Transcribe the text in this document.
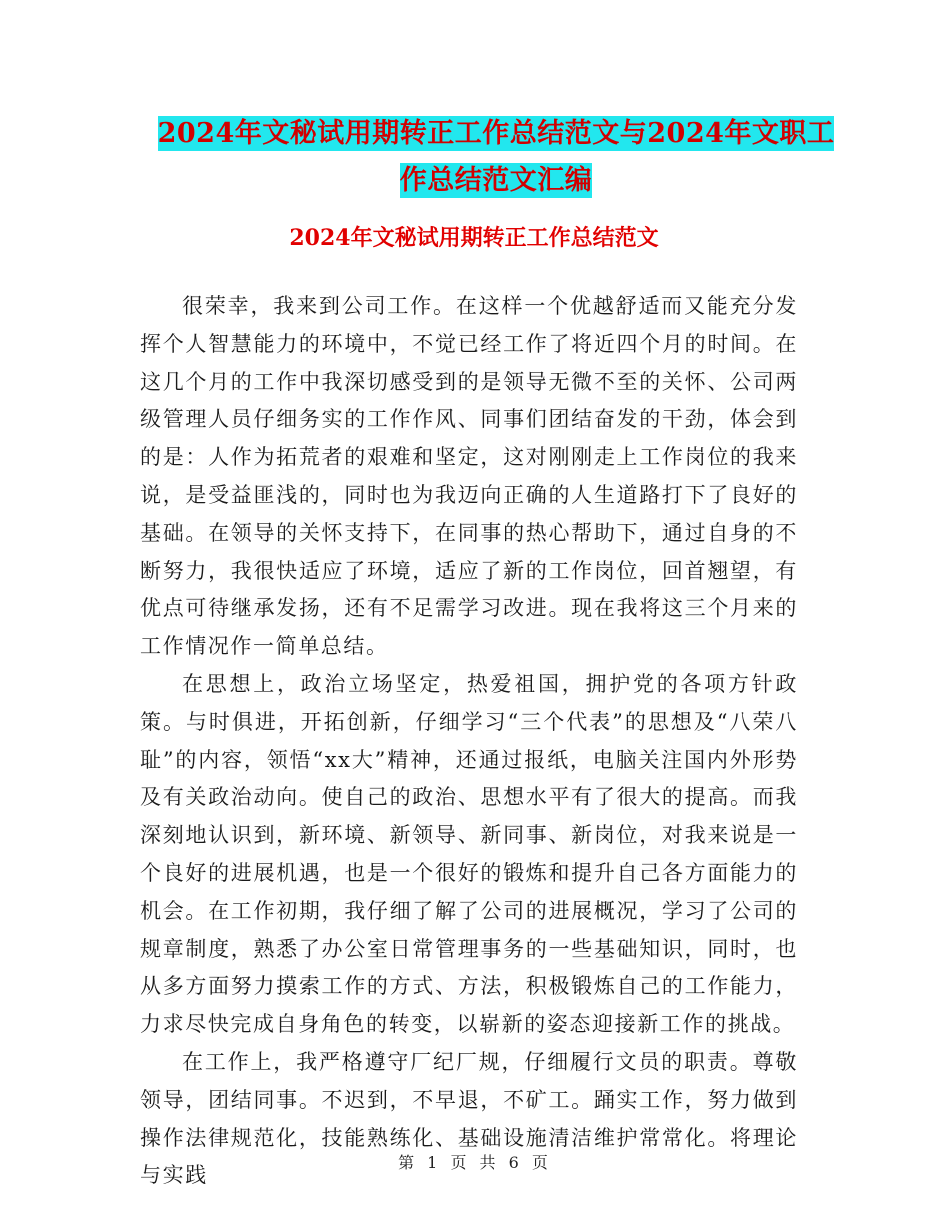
2024年文秘试用期转正工作总结范文与2024年文职工
作总结范文汇编
2024年文秘试用期转正工作总结范文

很荣幸，我来到公司工作。在这样一个优越舒适而又能充分发挥个人智慧能力的环境中，不觉已经工作了将近四个月的时间。在这几个月的工作中我深切感受到的是领导无微不至的关怀、公司两级管理人员仔细务实的工作作风、同事们团结奋发的干劲，体会到的是：人作为拓荒者的艰难和坚定，这对刚刚走上工作岗位的我来说，是受益匪浅的，同时也为我迈向正确的人生道路打下了良好的基础。在领导的关怀支持下，在同事的热心帮助下，通过自身的不断努力，我很快适应了环境，适应了新的工作岗位，回首翘望，有优点可待继承发扬，还有不足需学习改进。现在我将这三个月来的工作情况作一简单总结。

在思想上，政治立场坚定，热爱祖国，拥护党的各项方针政策。与时俱进，开拓创新，仔细学习“三个代表”的思想及“八荣八耻”的内容，领悟“xx大”精神，还通过报纸，电脑关注国内外形势及有关政治动向。使自己的政治、思想水平有了很大的提高。而我深刻地认识到，新环境、新领导、新同事、新岗位，对我来说是一个良好的进展机遇，也是一个很好的锻炼和提升自己各方面能力的机会。在工作初期，我仔细了解了公司的进展概况，学习了公司的规章制度，熟悉了办公室日常管理事务的一些基础知识，同时，也从多方面努力摸索工作的方式、方法，积极锻炼自己的工作能力，力求尽快完成自身角色的转变，以崭新的姿态迎接新工作的挑战。

在工作上，我严格遵守厂纪厂规，仔细履行文员的职责。尊敬领导，团结同事。不迟到，不早退，不矿工。踊实工作，努力做到操作法律规范化，技能熟练化、基础设施清洁维护常常化。将理论与实践

第 1 页 共 6 页
